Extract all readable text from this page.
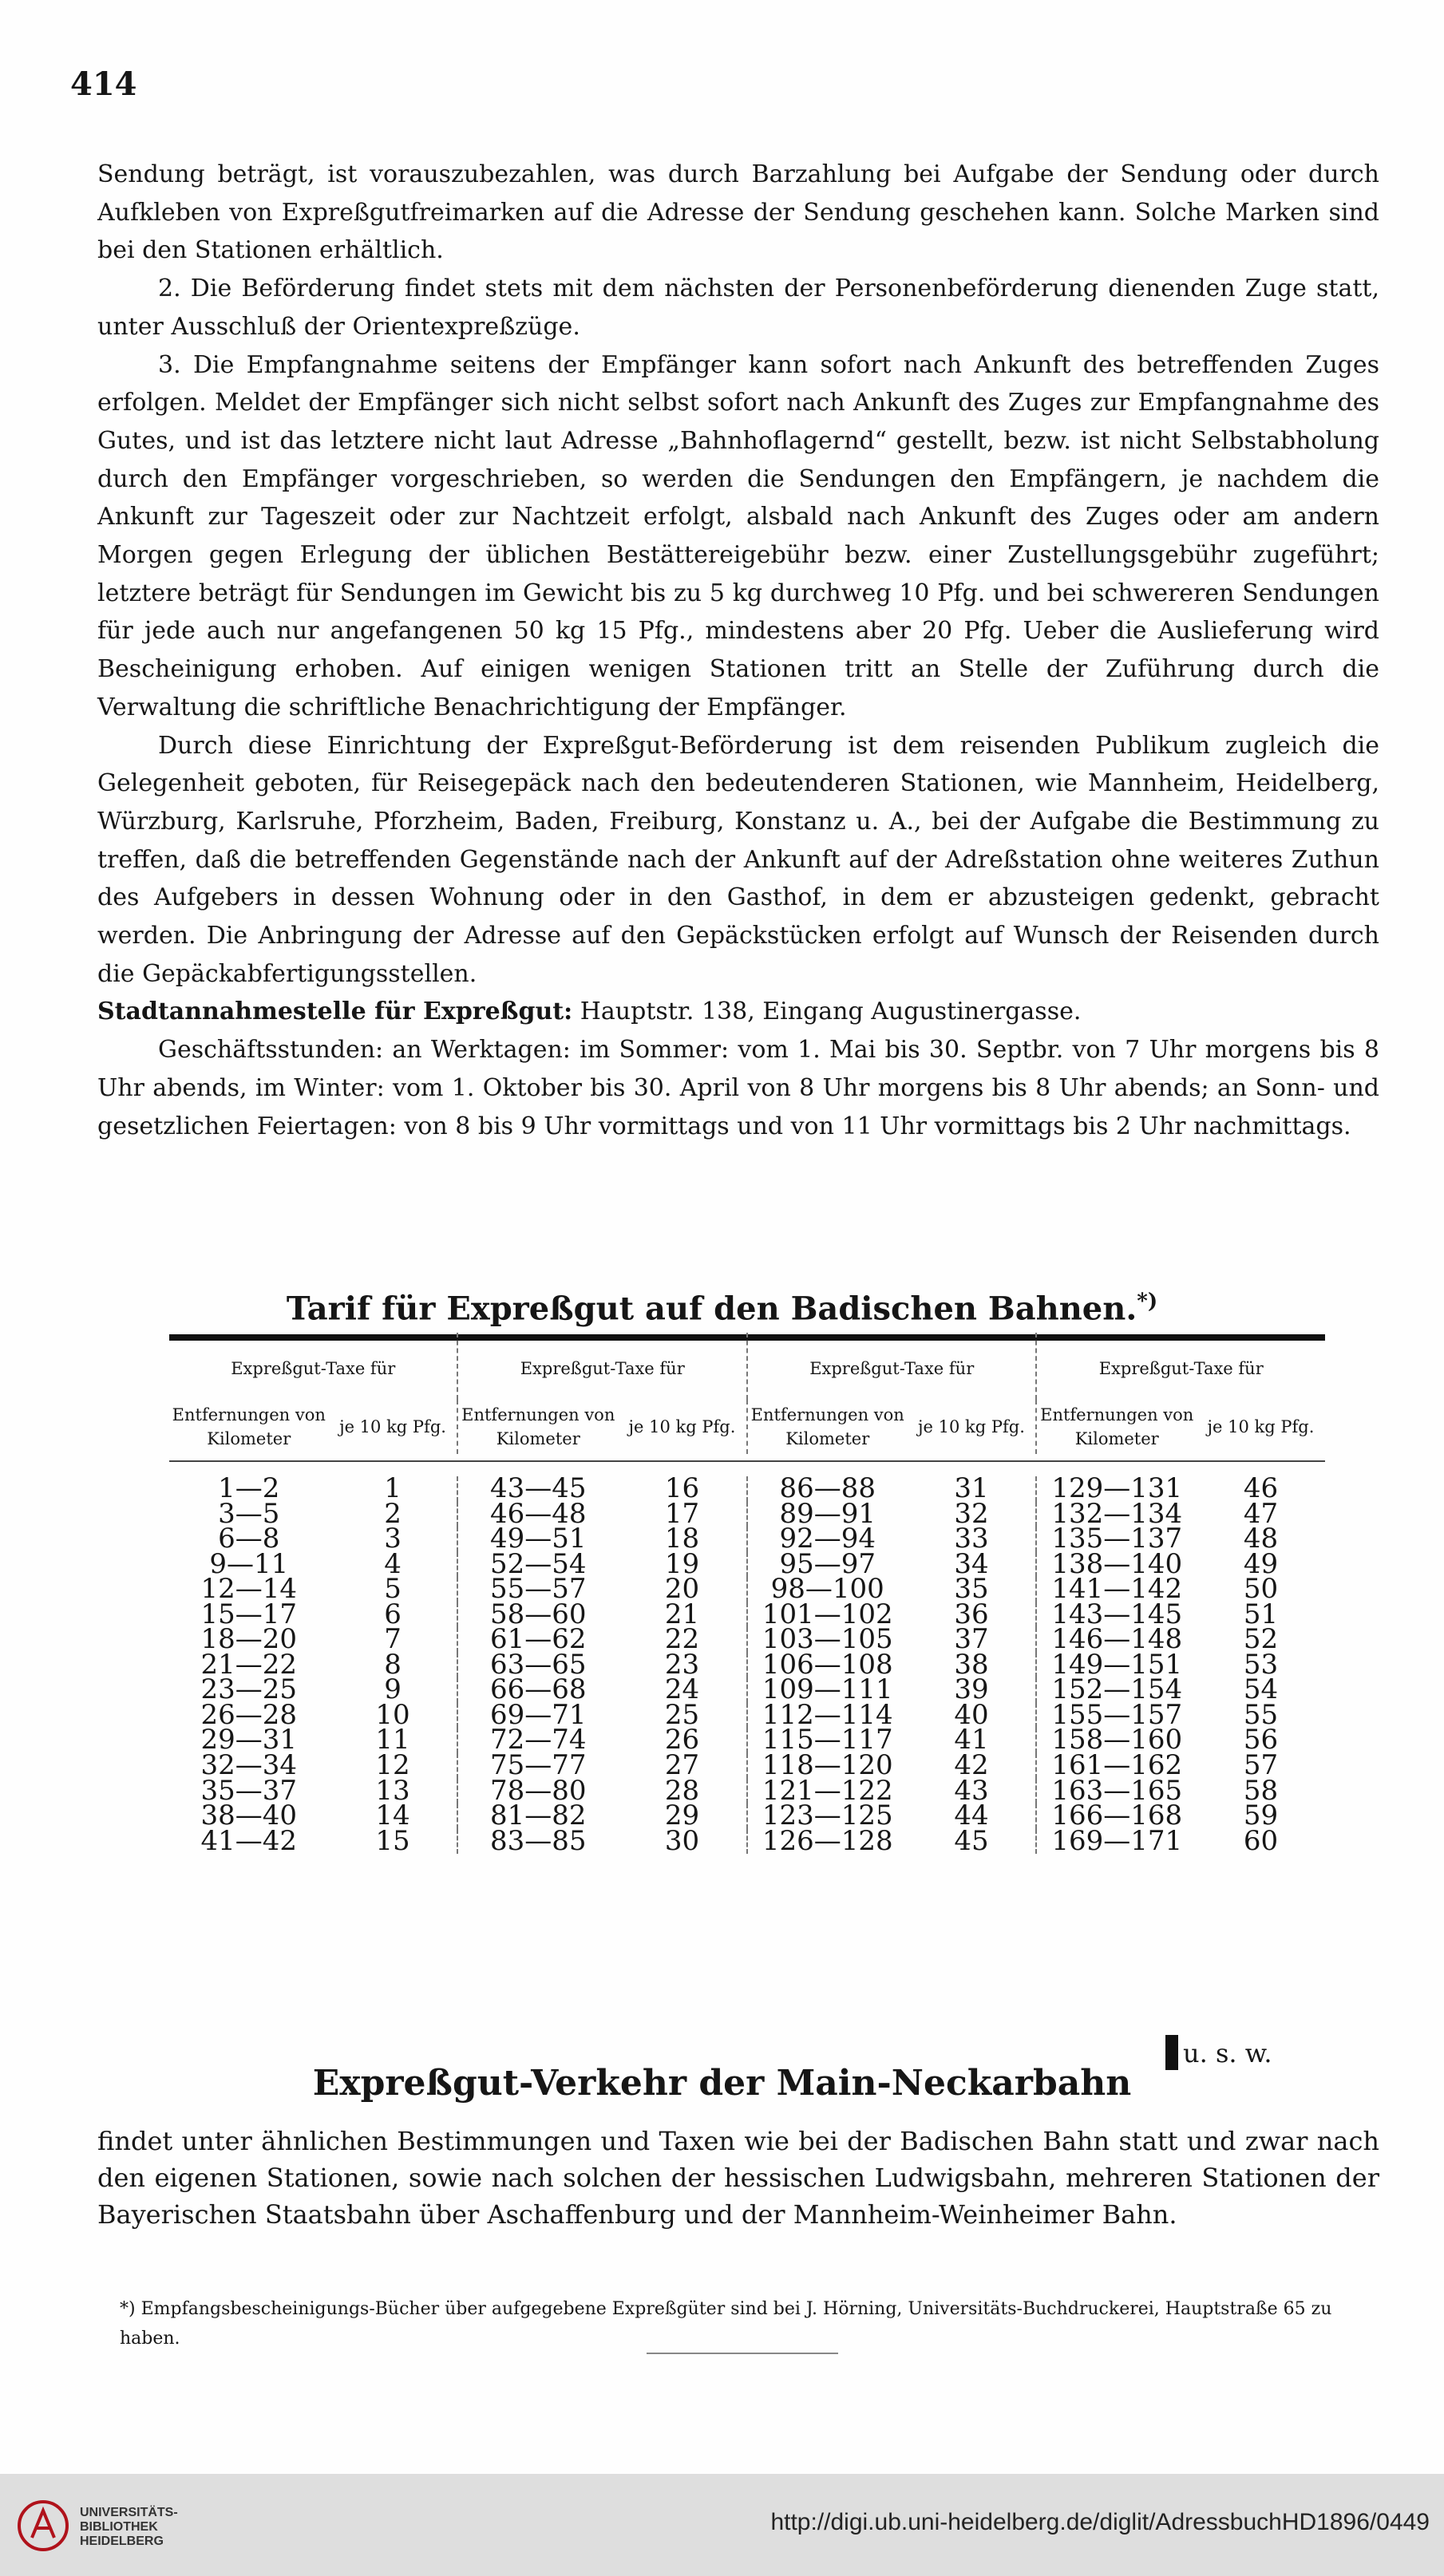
414

Sendung beträgt, ist vorauszubezahlen, was durch Barzahlung bei Aufgabe der Sendung oder durch Aufkleben von Expreßgutfreimarken auf die Adresse der Sendung geschehen kann. Solche Marken sind bei den Stationen erhältlich.

2. Die Beförderung findet stets mit dem nächsten der Personenbeförderung dienenden Zuge statt, unter Ausschluß der Orientexpreßzüge.

3. Die Empfangnahme seitens der Empfänger kann sofort nach Ankunft des betreffenden Zuges erfolgen. Meldet der Empfänger sich nicht selbst sofort nach Ankunft des Zuges zur Empfangnahme des Gutes, und ist das letztere nicht laut Adresse „Bahnhoflagernd“ gestellt, bezw. ist nicht Selbstabholung durch den Empfänger vorgeschrieben, so werden die Sendungen den Empfängern, je nachdem die Ankunft zur Tageszeit oder zur Nachtzeit erfolgt, alsbald nach Ankunft des Zuges oder am andern Morgen gegen Erlegung der üblichen Bestättereigebühr bezw. einer Zustellungsgebühr zugeführt; letztere beträgt für Sendungen im Gewicht bis zu 5 kg durchweg 10 Pfg. und bei schwereren Sendungen für jede auch nur angefangenen 50 kg 15 Pfg., mindestens aber 20 Pfg. Ueber die Auslieferung wird Bescheinigung erhoben. Auf einigen wenigen Stationen tritt an Stelle der Zuführung durch die Verwaltung die schriftliche Benachrichtigung der Empfänger.

Durch diese Einrichtung der Expreßgut-Beförderung ist dem reisenden Publikum zugleich die Gelegenheit geboten, für Reisegepäck nach den bedeutenderen Stationen, wie Mannheim, Heidelberg, Würzburg, Karlsruhe, Pforzheim, Baden, Freiburg, Konstanz u. A., bei der Aufgabe die Bestimmung zu treffen, daß die betreffenden Gegenstände nach der Ankunft auf der Adreßstation ohne weiteres Zuthun des Aufgebers in dessen Wohnung oder in den Gasthof, in dem er abzusteigen gedenkt, gebracht werden. Die Anbringung der Adresse auf den Gepäckstücken erfolgt auf Wunsch der Reisenden durch die Gepäckabfertigungsstellen.

Stadtannahmestelle für Expreßgut: Hauptstr. 138, Eingang Augustinergasse.

Geschäftsstunden: an Werktagen: im Sommer: vom 1. Mai bis 30. Septbr. von 7 Uhr morgens bis 8 Uhr abends, im Winter: vom 1. Oktober bis 30. April von 8 Uhr morgens bis 8 Uhr abends; an Sonn- und gesetzlichen Feiertagen: von 8 bis 9 Uhr vormittags und von 11 Uhr vormittags bis 2 Uhr nachmittags.

Tarif für Expreßgut auf den Badischen Bahnen.*)
Expreßgut-Taxe für		Expreßgut-Taxe für		Expreßgut-Taxe für		Expreßgut-Taxe für	
Entfernungen von Kilometer	je 10 kg Pfg.	Entfernungen von Kilometer	je 10 kg Pfg.	Entfernungen von Kilometer	je 10 kg Pfg.	Entfernungen von Kilometer	je 10 kg Pfg.

1—2	1	43—45	16	86—88	31	129—131	46
3—5	2	46—48	17	89—91	32	132—134	47
6—8	3	49—51	18	92—94	33	135—137	48
9—11	4	52—54	19	95—97	34	138—140	49
12—14	5	55—57	20	98—100	35	141—142	50
15—17	6	58—60	21	101—102	36	143—145	51
18—20	7	61—62	22	103—105	37	146—148	52
21—22	8	63—65	23	106—108	38	149—151	53
23—25	9	66—68	24	109—111	39	152—154	54
26—28	10	69—71	25	112—114	40	155—157	55
29—31	11	72—74	26	115—117	41	158—160	56
32—34	12	75—77	27	118—120	42	161—162	57
35—37	13	78—80	28	121—122	43	163—165	58
38—40	14	81—82	29	123—125	44	166—168	59
41—42	15	83—85	30	126—128	45	169—171	60
u. s. w.
Expreßgut-Verkehr der Main-Neckarbahn
findet unter ähnlichen Bestimmungen und Taxen wie bei der Badischen Bahn statt und zwar nach den eigenen Stationen, sowie nach solchen der hessischen Ludwigsbahn, mehreren Stationen der Bayerischen Staatsbahn über Aschaffenburg und der Mannheim-Weinheimer Bahn.
*) Empfangsbescheinigungs-Bücher über aufgegebene Expreßgüter sind bei J. Hörning, Universitäts-Buchdruckerei, Hauptstraße 65 zu haben.
UNIVERSITÄTS-
BIBLIOTHEK
HEIDELBERG
http://digi.ub.uni-heidelberg.de/diglit/AdressbuchHD1896/0449
